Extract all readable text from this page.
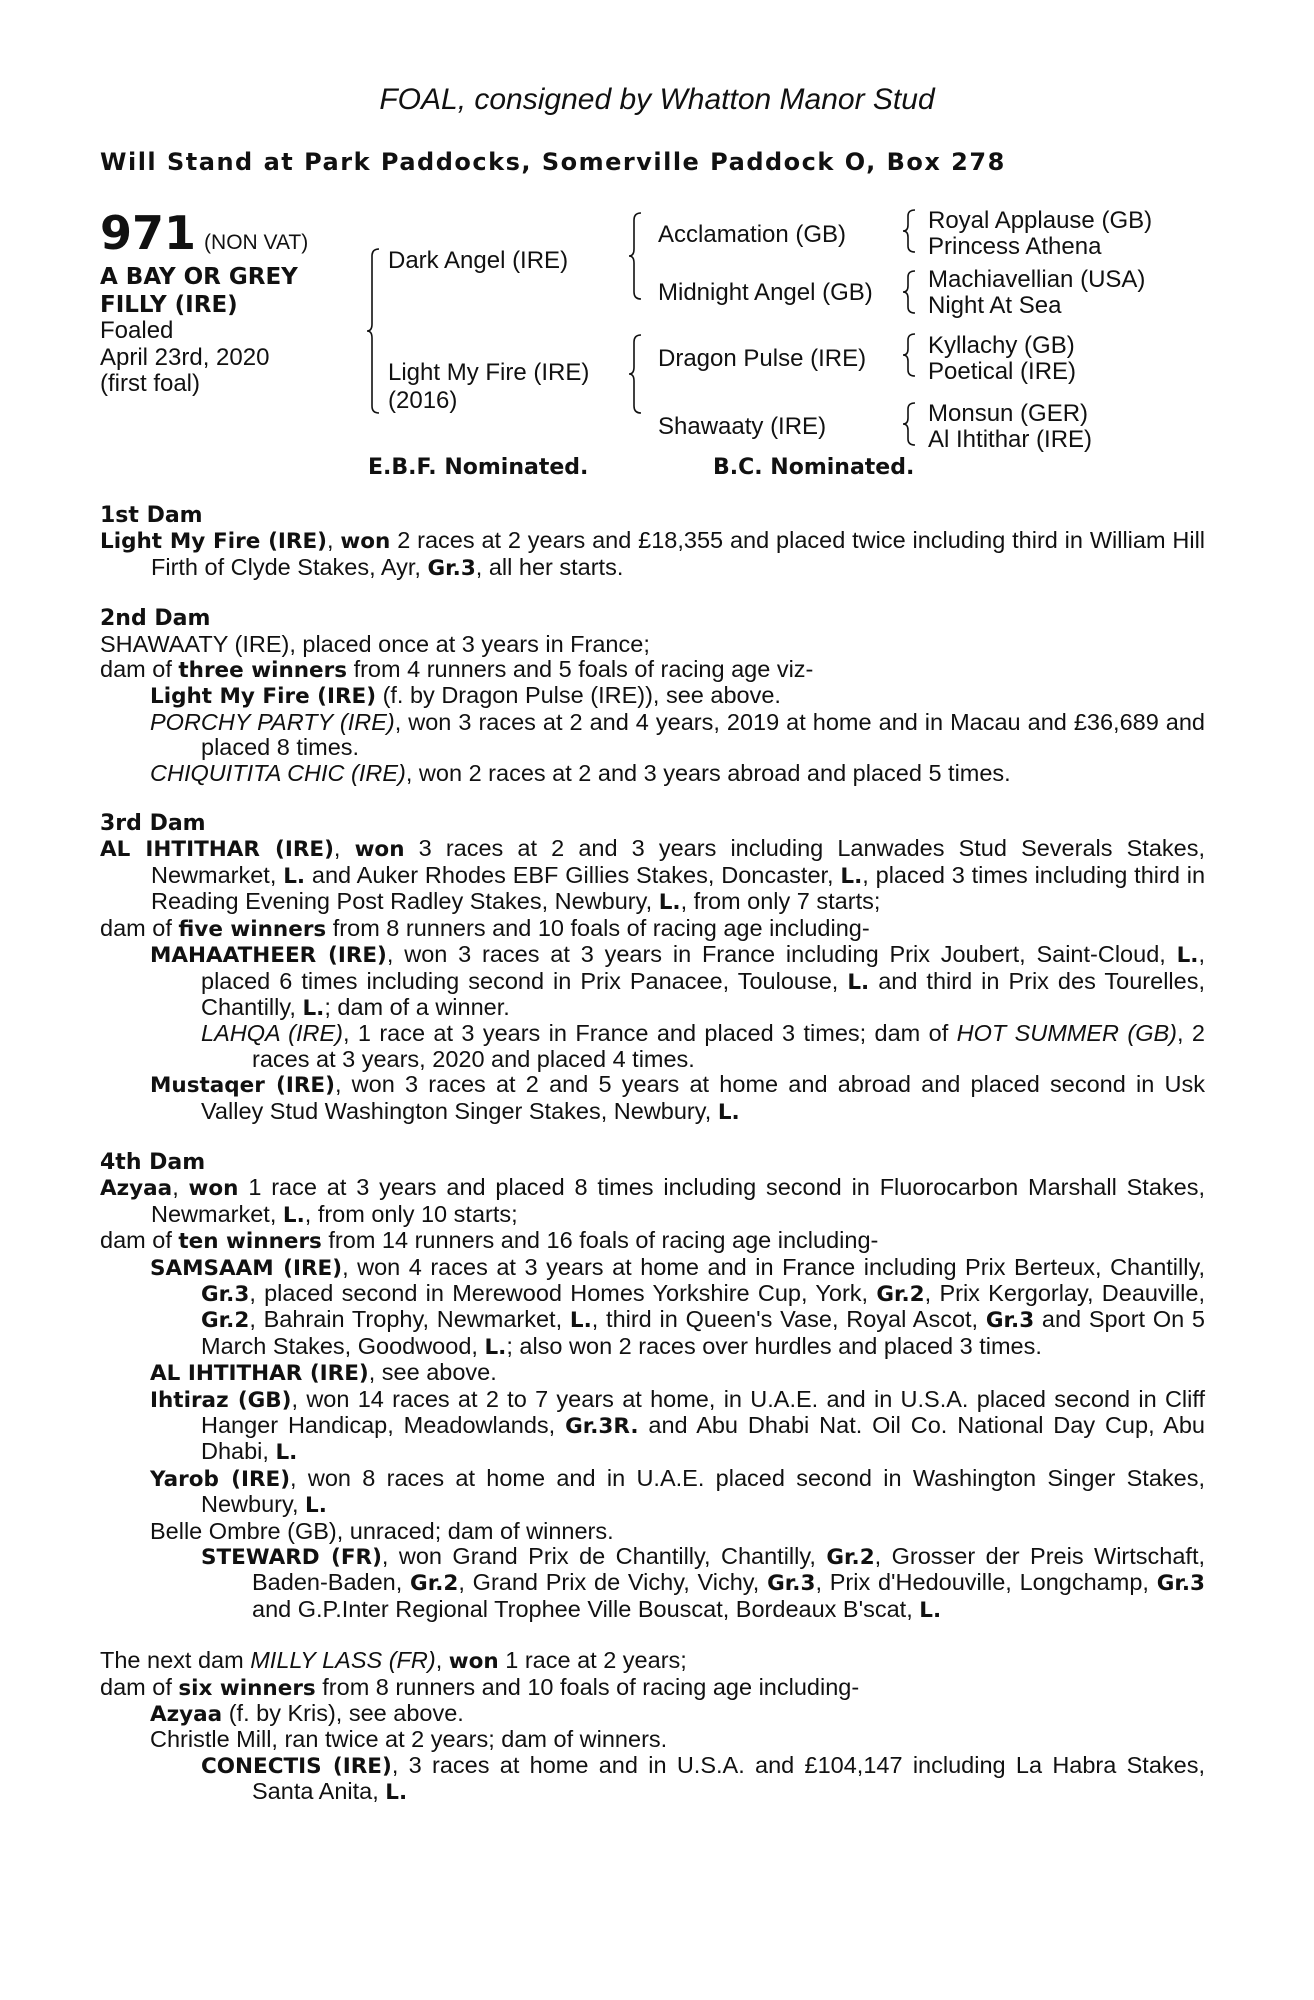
FOAL, consigned by Whatton Manor Stud
Will Stand at Park Paddocks, Somerville Paddock O, Box 278
971 (NON VAT)
A BAY OR GREY
FILLY (IRE)
Foaled
April 23rd, 2020
(first foal)
Dark Angel (IRE)
Light My Fire (IRE)
(2016)
Acclamation (GB)
Midnight Angel (GB)
Dragon Pulse (IRE)
Shawaaty (IRE)
Royal Applause (GB)
Princess Athena
Machiavellian (USA)
Night At Sea
Kyllachy (GB)
Poetical (IRE)
Monsun (GER)
Al Ihtithar (IRE)
E.B.F. Nominated.	B.C. Nominated.

1st Dam

Light My Fire (IRE), won 2 races at 2 years and £18,355 and placed twice including third in William Hill Firth of Clyde Stakes, Ayr, Gr.3, all her starts.

2nd Dam

SHAWAATY (IRE), placed once at 3 years in France;

dam of three winners from 4 runners and 5 foals of racing age viz-

Light My Fire (IRE) (f. by Dragon Pulse (IRE)), see above.

PORCHY PARTY (IRE), won 3 races at 2 and 4 years, 2019 at home and in Macau and £36,689 and placed 8 times.

CHIQUITITA CHIC (IRE), won 2 races at 2 and 3 years abroad and placed 5 times.

3rd Dam

AL IHTITHAR (IRE), won 3 races at 2 and 3 years including Lanwades Stud Severals Stakes, Newmarket, L. and Auker Rhodes EBF Gillies Stakes, Doncaster, L., placed 3 times including third in Reading Evening Post Radley Stakes, Newbury, L., from only 7 starts;

dam of five winners from 8 runners and 10 foals of racing age including-

MAHAATHEER (IRE), won 3 races at 3 years in France including Prix Joubert, Saint-Cloud, L., placed 6 times including second in Prix Panacee, Toulouse, L. and third in Prix des Tourelles, Chantilly, L.; dam of a winner.

LAHQA (IRE), 1 race at 3 years in France and placed 3 times; dam of HOT SUMMER (GB), 2 races at 3 years, 2020 and placed 4 times.

Mustaqer (IRE), won 3 races at 2 and 5 years at home and abroad and placed second in Usk Valley Stud Washington Singer Stakes, Newbury, L.

4th Dam

Azyaa, won 1 race at 3 years and placed 8 times including second in Fluorocarbon Marshall Stakes, Newmarket, L., from only 10 starts;

dam of ten winners from 14 runners and 16 foals of racing age including-

SAMSAAM (IRE), won 4 races at 3 years at home and in France including Prix Berteux, Chantilly, Gr.3, placed second in Merewood Homes Yorkshire Cup, York, Gr.2, Prix Kergorlay, Deauville, Gr.2, Bahrain Trophy, Newmarket, L., third in Queen's Vase, Royal Ascot, Gr.3 and Sport On 5 March Stakes, Goodwood, L.; also won 2 races over hurdles and placed 3 times.

AL IHTITHAR (IRE), see above.

Ihtiraz (GB), won 14 races at 2 to 7 years at home, in U.A.E. and in U.S.A. placed second in Cliff Hanger Handicap, Meadowlands, Gr.3R. and Abu Dhabi Nat. Oil Co. National Day Cup, Abu Dhabi, L.

Yarob (IRE), won 8 races at home and in U.A.E. placed second in Washington Singer Stakes, Newbury, L.

Belle Ombre (GB), unraced; dam of winners.

STEWARD (FR), won Grand Prix de Chantilly, Chantilly, Gr.2, Grosser der Preis Wirtschaft, Baden-Baden, Gr.2, Grand Prix de Vichy, Vichy, Gr.3, Prix d'Hedouville, Longchamp, Gr.3 and G.P.Inter Regional Trophee Ville Bouscat, Bordeaux B'scat, L.

The next dam MILLY LASS (FR), won 1 race at 2 years;

dam of six winners from 8 runners and 10 foals of racing age including-

Azyaa (f. by Kris), see above.

Christle Mill, ran twice at 2 years; dam of winners.

CONECTIS (IRE), 3 races at home and in U.S.A. and £104,147 including La Habra Stakes, Santa Anita, L.
